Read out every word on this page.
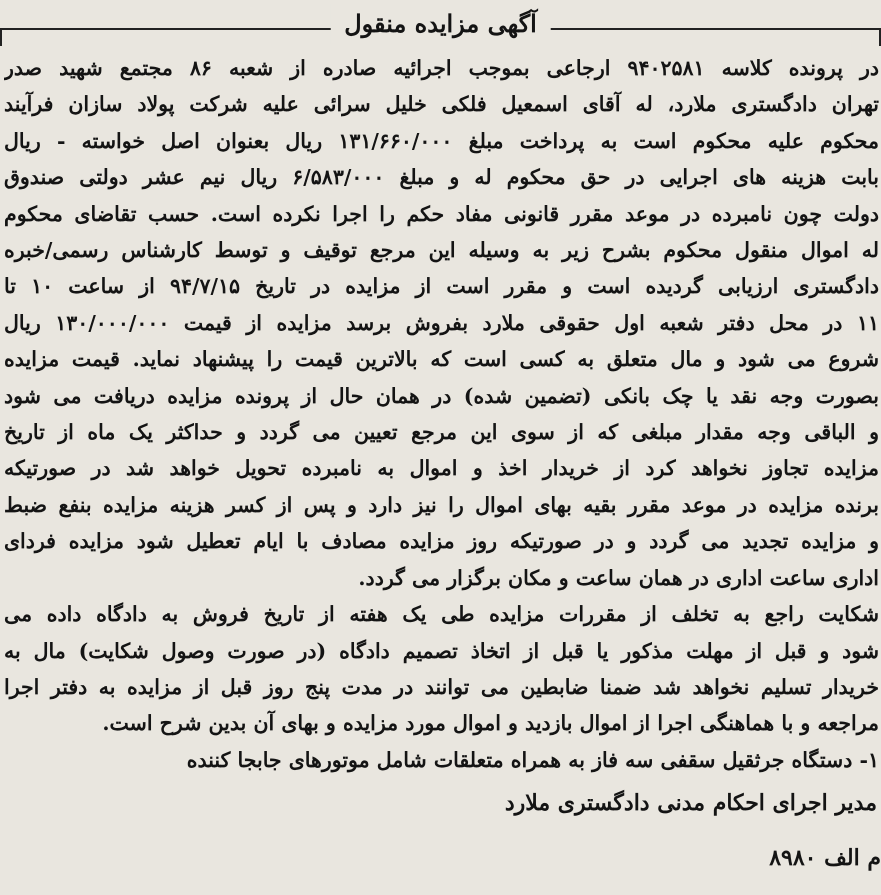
آگهی مزایده منقول
در پرونده کلاسه ۹۴۰۲۵۸۱ ارجاعی بموجب اجرائیه صادره از شعبه ۸۶ مجتمع شهید صدر
تهران دادگستری ملارد، له آقای اسمعیل فلکی خلیل سرائی علیه شرکت پولاد سازان فرآیند
محکوم علیه محکوم است به پرداخت مبلغ ۱۳۱/۶۶۰/۰۰۰ ریال بعنوان اصل خواسته - ریال
بابت هزینه های اجرایی در حق محکوم له و مبلغ ۶/۵۸۳/۰۰۰ ریال نیم عشر دولتی صندوق
دولت چون نامبرده در موعد مقرر قانونی مفاد حکم را اجرا نکرده است. حسب تقاضای محکوم
له اموال منقول محکوم بشرح زیر به وسیله این مرجع توقیف و توسط کارشناس رسمی/خبره
دادگستری ارزیابی گردیده است و مقرر است از مزایده در تاریخ ۹۴/۷/۱۵ از ساعت ۱۰ تا
۱۱ در محل دفتر شعبه اول حقوقی ملارد بفروش برسد مزایده از قیمت ۱۳۰/۰۰۰/۰۰۰ ریال
شروع می شود و مال متعلق به کسی است که بالاترین قیمت را پیشنهاد نماید. قیمت مزایده
بصورت وجه نقد یا چک بانکی (تضمین شده) در همان حال از پرونده مزایده دریافت می شود
و الباقی وجه مقدار مبلغی که از سوی این مرجع تعیین می گردد و حداکثر یک ماه از تاریخ
مزایده تجاوز نخواهد کرد از خریدار اخذ و اموال به نامبرده تحویل خواهد شد در صورتیکه
برنده مزایده در موعد مقرر بقیه بهای اموال را نیز دارد و پس از کسر هزینه مزایده بنفع ضبط
و مزایده تجدید می گردد و در صورتیکه روز مزایده مصادف با ایام تعطیل شود مزایده فردای
اداری ساعت اداری در همان ساعت و مکان برگزار می گردد.
شکایت راجع به تخلف از مقررات مزایده طی یک هفته از تاریخ فروش به دادگاه داده می
شود و قبل از مهلت مذکور یا قبل از اتخاذ تصمیم دادگاه (در صورت وصول شکایت) مال به
خریدار تسلیم نخواهد شد ضمنا ضابطین می توانند در مدت پنج روز قبل از مزایده به دفتر اجرا
مراجعه و با هماهنگی اجرا از اموال بازدید و اموال مورد مزایده و بهای آن بدین شرح است.
۱- دستگاه جرثقیل سقفی سه فاز به همراه متعلقات شامل موتورهای جابجا کننده
مدیر اجرای احکام مدنی دادگستری ملارد
م الف ۸۹۸۰
